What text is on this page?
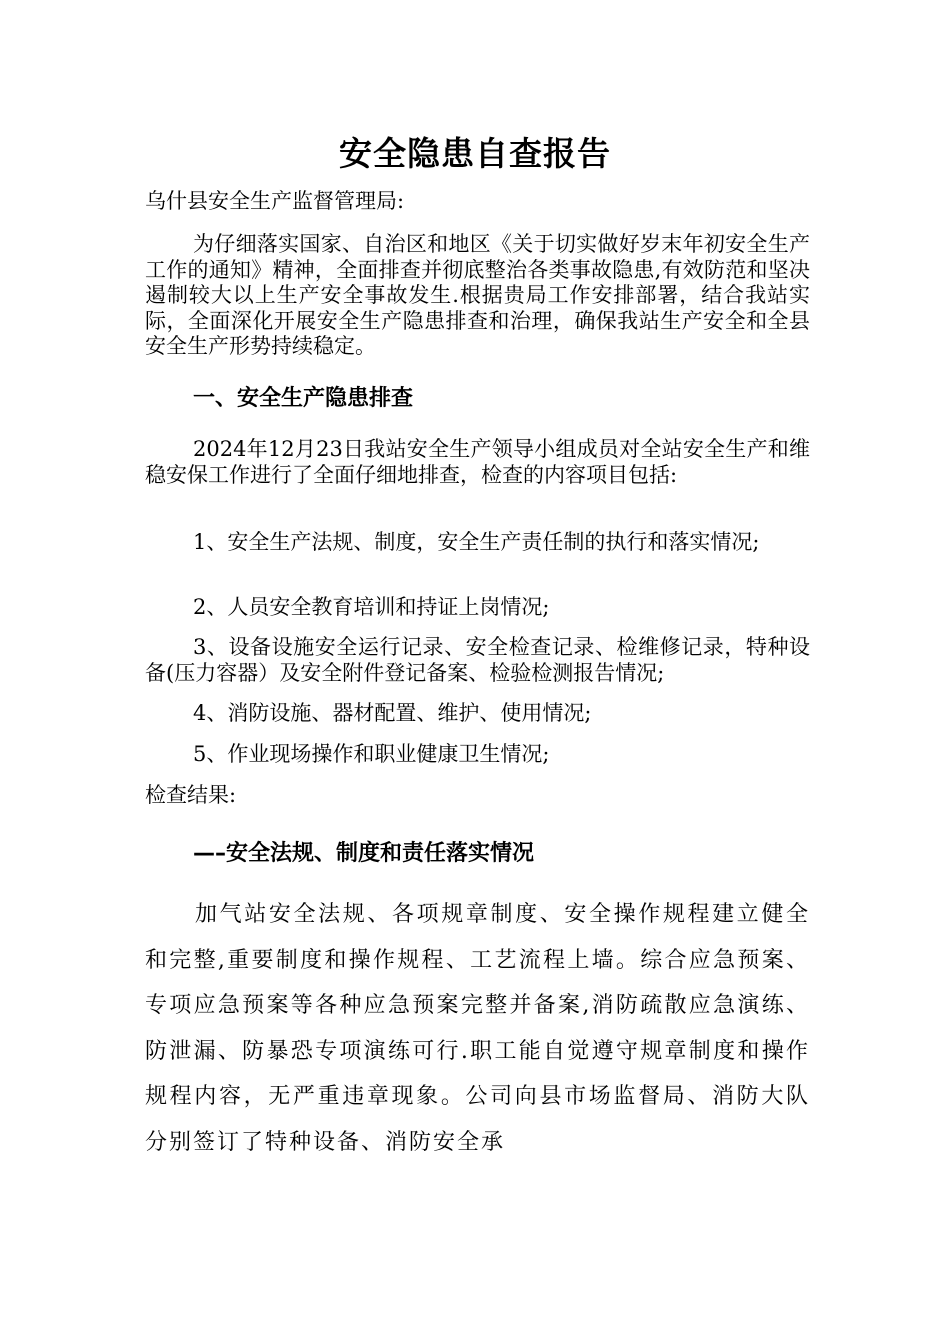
安全隐患自查报告

乌什县安全生产监督管理局:

为仔细落实国家、自治区和地区《关于切实做好岁末年初安全生产工作的通知》精神，全面排查并彻底整治各类事故隐患,有效防范和坚决遏制较大以上生产安全事故发生.根据贵局工作安排部署，结合我站实际，全面深化开展安全生产隐患排查和治理，确保我站生产安全和全县安全生产形势持续稳定。

一、安全生产隐患排查

2024年12月23日我站安全生产领导小组成员对全站安全生产和维稳安保工作进行了全面仔细地排查，检查的内容项目包括:

1、安全生产法规、制度，安全生产责任制的执行和落实情况;

2、人员安全教育培训和持证上岗情况;

3、设备设施安全运行记录、安全检查记录、检维修记录，特种设备(压力容器）及安全附件登记备案、检验检测报告情况;

4、消防设施、器材配置、维护、使用情况;

5、作业现场操作和职业健康卫生情况;

检查结果:

—–安全法规、制度和责任落实情况

加气站安全法规、各项规章制度、安全操作规程建立健全和完整,重要制度和操作规程、工艺流程上墙。综合应急预案、专项应急预案等各种应急预案完整并备案,消防疏散应急演练、防泄漏、防暴恐专项演练可行.职工能自觉遵守规章制度和操作规程内容，无严重违章现象。公司向县市场监督局、消防大队分别签订了特种设备、消防安全承
